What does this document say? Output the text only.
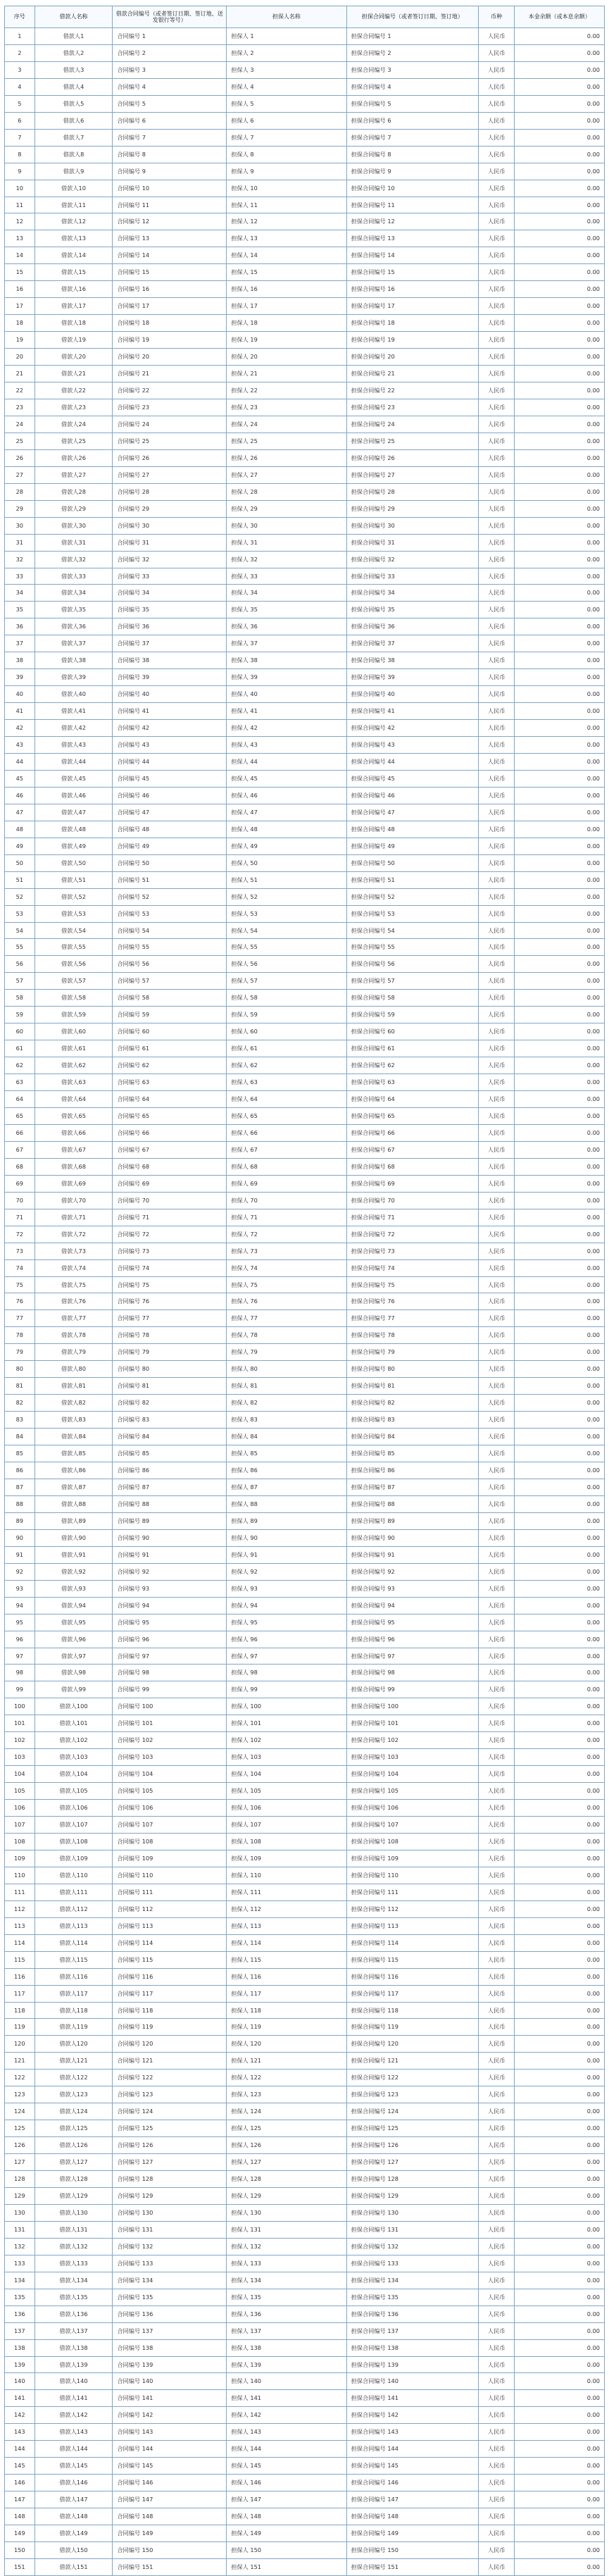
序号	借款人名称	借款合同编号（或者签订日期、签订地、送发银行等号）	担保人名称	担保合同编号（或者签订日期、签订地）	币种	本金余额（或本息余额）
1	借款人1	合同编号 1	担保人 1	担保合同编号 1	人民币	0.00
2	借款人2	合同编号 2	担保人 2	担保合同编号 2	人民币	0.00
3	借款人3	合同编号 3	担保人 3	担保合同编号 3	人民币	0.00
4	借款人4	合同编号 4	担保人 4	担保合同编号 4	人民币	0.00
5	借款人5	合同编号 5	担保人 5	担保合同编号 5	人民币	0.00
6	借款人6	合同编号 6	担保人 6	担保合同编号 6	人民币	0.00
7	借款人7	合同编号 7	担保人 7	担保合同编号 7	人民币	0.00
8	借款人8	合同编号 8	担保人 8	担保合同编号 8	人民币	0.00
9	借款人9	合同编号 9	担保人 9	担保合同编号 9	人民币	0.00
10	借款人10	合同编号 10	担保人 10	担保合同编号 10	人民币	0.00
11	借款人11	合同编号 11	担保人 11	担保合同编号 11	人民币	0.00
12	借款人12	合同编号 12	担保人 12	担保合同编号 12	人民币	0.00
13	借款人13	合同编号 13	担保人 13	担保合同编号 13	人民币	0.00
14	借款人14	合同编号 14	担保人 14	担保合同编号 14	人民币	0.00
15	借款人15	合同编号 15	担保人 15	担保合同编号 15	人民币	0.00
16	借款人16	合同编号 16	担保人 16	担保合同编号 16	人民币	0.00
17	借款人17	合同编号 17	担保人 17	担保合同编号 17	人民币	0.00
18	借款人18	合同编号 18	担保人 18	担保合同编号 18	人民币	0.00
19	借款人19	合同编号 19	担保人 19	担保合同编号 19	人民币	0.00
20	借款人20	合同编号 20	担保人 20	担保合同编号 20	人民币	0.00
21	借款人21	合同编号 21	担保人 21	担保合同编号 21	人民币	0.00
22	借款人22	合同编号 22	担保人 22	担保合同编号 22	人民币	0.00
23	借款人23	合同编号 23	担保人 23	担保合同编号 23	人民币	0.00
24	借款人24	合同编号 24	担保人 24	担保合同编号 24	人民币	0.00
25	借款人25	合同编号 25	担保人 25	担保合同编号 25	人民币	0.00
26	借款人26	合同编号 26	担保人 26	担保合同编号 26	人民币	0.00
27	借款人27	合同编号 27	担保人 27	担保合同编号 27	人民币	0.00
28	借款人28	合同编号 28	担保人 28	担保合同编号 28	人民币	0.00
29	借款人29	合同编号 29	担保人 29	担保合同编号 29	人民币	0.00
30	借款人30	合同编号 30	担保人 30	担保合同编号 30	人民币	0.00
31	借款人31	合同编号 31	担保人 31	担保合同编号 31	人民币	0.00
32	借款人32	合同编号 32	担保人 32	担保合同编号 32	人民币	0.00
33	借款人33	合同编号 33	担保人 33	担保合同编号 33	人民币	0.00
34	借款人34	合同编号 34	担保人 34	担保合同编号 34	人民币	0.00
35	借款人35	合同编号 35	担保人 35	担保合同编号 35	人民币	0.00
36	借款人36	合同编号 36	担保人 36	担保合同编号 36	人民币	0.00
37	借款人37	合同编号 37	担保人 37	担保合同编号 37	人民币	0.00
38	借款人38	合同编号 38	担保人 38	担保合同编号 38	人民币	0.00
39	借款人39	合同编号 39	担保人 39	担保合同编号 39	人民币	0.00
40	借款人40	合同编号 40	担保人 40	担保合同编号 40	人民币	0.00
41	借款人41	合同编号 41	担保人 41	担保合同编号 41	人民币	0.00
42	借款人42	合同编号 42	担保人 42	担保合同编号 42	人民币	0.00
43	借款人43	合同编号 43	担保人 43	担保合同编号 43	人民币	0.00
44	借款人44	合同编号 44	担保人 44	担保合同编号 44	人民币	0.00
45	借款人45	合同编号 45	担保人 45	担保合同编号 45	人民币	0.00
46	借款人46	合同编号 46	担保人 46	担保合同编号 46	人民币	0.00
47	借款人47	合同编号 47	担保人 47	担保合同编号 47	人民币	0.00
48	借款人48	合同编号 48	担保人 48	担保合同编号 48	人民币	0.00
49	借款人49	合同编号 49	担保人 49	担保合同编号 49	人民币	0.00
50	借款人50	合同编号 50	担保人 50	担保合同编号 50	人民币	0.00
51	借款人51	合同编号 51	担保人 51	担保合同编号 51	人民币	0.00
52	借款人52	合同编号 52	担保人 52	担保合同编号 52	人民币	0.00
53	借款人53	合同编号 53	担保人 53	担保合同编号 53	人民币	0.00
54	借款人54	合同编号 54	担保人 54	担保合同编号 54	人民币	0.00
55	借款人55	合同编号 55	担保人 55	担保合同编号 55	人民币	0.00
56	借款人56	合同编号 56	担保人 56	担保合同编号 56	人民币	0.00
57	借款人57	合同编号 57	担保人 57	担保合同编号 57	人民币	0.00
58	借款人58	合同编号 58	担保人 58	担保合同编号 58	人民币	0.00
59	借款人59	合同编号 59	担保人 59	担保合同编号 59	人民币	0.00
60	借款人60	合同编号 60	担保人 60	担保合同编号 60	人民币	0.00
61	借款人61	合同编号 61	担保人 61	担保合同编号 61	人民币	0.00
62	借款人62	合同编号 62	担保人 62	担保合同编号 62	人民币	0.00
63	借款人63	合同编号 63	担保人 63	担保合同编号 63	人民币	0.00
64	借款人64	合同编号 64	担保人 64	担保合同编号 64	人民币	0.00
65	借款人65	合同编号 65	担保人 65	担保合同编号 65	人民币	0.00
66	借款人66	合同编号 66	担保人 66	担保合同编号 66	人民币	0.00
67	借款人67	合同编号 67	担保人 67	担保合同编号 67	人民币	0.00
68	借款人68	合同编号 68	担保人 68	担保合同编号 68	人民币	0.00
69	借款人69	合同编号 69	担保人 69	担保合同编号 69	人民币	0.00
70	借款人70	合同编号 70	担保人 70	担保合同编号 70	人民币	0.00
71	借款人71	合同编号 71	担保人 71	担保合同编号 71	人民币	0.00
72	借款人72	合同编号 72	担保人 72	担保合同编号 72	人民币	0.00
73	借款人73	合同编号 73	担保人 73	担保合同编号 73	人民币	0.00
74	借款人74	合同编号 74	担保人 74	担保合同编号 74	人民币	0.00
75	借款人75	合同编号 75	担保人 75	担保合同编号 75	人民币	0.00
76	借款人76	合同编号 76	担保人 76	担保合同编号 76	人民币	0.00
77	借款人77	合同编号 77	担保人 77	担保合同编号 77	人民币	0.00
78	借款人78	合同编号 78	担保人 78	担保合同编号 78	人民币	0.00
79	借款人79	合同编号 79	担保人 79	担保合同编号 79	人民币	0.00
80	借款人80	合同编号 80	担保人 80	担保合同编号 80	人民币	0.00
81	借款人81	合同编号 81	担保人 81	担保合同编号 81	人民币	0.00
82	借款人82	合同编号 82	担保人 82	担保合同编号 82	人民币	0.00
83	借款人83	合同编号 83	担保人 83	担保合同编号 83	人民币	0.00
84	借款人84	合同编号 84	担保人 84	担保合同编号 84	人民币	0.00
85	借款人85	合同编号 85	担保人 85	担保合同编号 85	人民币	0.00
86	借款人86	合同编号 86	担保人 86	担保合同编号 86	人民币	0.00
87	借款人87	合同编号 87	担保人 87	担保合同编号 87	人民币	0.00
88	借款人88	合同编号 88	担保人 88	担保合同编号 88	人民币	0.00
89	借款人89	合同编号 89	担保人 89	担保合同编号 89	人民币	0.00
90	借款人90	合同编号 90	担保人 90	担保合同编号 90	人民币	0.00
91	借款人91	合同编号 91	担保人 91	担保合同编号 91	人民币	0.00
92	借款人92	合同编号 92	担保人 92	担保合同编号 92	人民币	0.00
93	借款人93	合同编号 93	担保人 93	担保合同编号 93	人民币	0.00
94	借款人94	合同编号 94	担保人 94	担保合同编号 94	人民币	0.00
95	借款人95	合同编号 95	担保人 95	担保合同编号 95	人民币	0.00
96	借款人96	合同编号 96	担保人 96	担保合同编号 96	人民币	0.00
97	借款人97	合同编号 97	担保人 97	担保合同编号 97	人民币	0.00
98	借款人98	合同编号 98	担保人 98	担保合同编号 98	人民币	0.00
99	借款人99	合同编号 99	担保人 99	担保合同编号 99	人民币	0.00
100	借款人100	合同编号 100	担保人 100	担保合同编号 100	人民币	0.00
101	借款人101	合同编号 101	担保人 101	担保合同编号 101	人民币	0.00
102	借款人102	合同编号 102	担保人 102	担保合同编号 102	人民币	0.00
103	借款人103	合同编号 103	担保人 103	担保合同编号 103	人民币	0.00
104	借款人104	合同编号 104	担保人 104	担保合同编号 104	人民币	0.00
105	借款人105	合同编号 105	担保人 105	担保合同编号 105	人民币	0.00
106	借款人106	合同编号 106	担保人 106	担保合同编号 106	人民币	0.00
107	借款人107	合同编号 107	担保人 107	担保合同编号 107	人民币	0.00
108	借款人108	合同编号 108	担保人 108	担保合同编号 108	人民币	0.00
109	借款人109	合同编号 109	担保人 109	担保合同编号 109	人民币	0.00
110	借款人110	合同编号 110	担保人 110	担保合同编号 110	人民币	0.00
111	借款人111	合同编号 111	担保人 111	担保合同编号 111	人民币	0.00
112	借款人112	合同编号 112	担保人 112	担保合同编号 112	人民币	0.00
113	借款人113	合同编号 113	担保人 113	担保合同编号 113	人民币	0.00
114	借款人114	合同编号 114	担保人 114	担保合同编号 114	人民币	0.00
115	借款人115	合同编号 115	担保人 115	担保合同编号 115	人民币	0.00
116	借款人116	合同编号 116	担保人 116	担保合同编号 116	人民币	0.00
117	借款人117	合同编号 117	担保人 117	担保合同编号 117	人民币	0.00
118	借款人118	合同编号 118	担保人 118	担保合同编号 118	人民币	0.00
119	借款人119	合同编号 119	担保人 119	担保合同编号 119	人民币	0.00
120	借款人120	合同编号 120	担保人 120	担保合同编号 120	人民币	0.00
121	借款人121	合同编号 121	担保人 121	担保合同编号 121	人民币	0.00
122	借款人122	合同编号 122	担保人 122	担保合同编号 122	人民币	0.00
123	借款人123	合同编号 123	担保人 123	担保合同编号 123	人民币	0.00
124	借款人124	合同编号 124	担保人 124	担保合同编号 124	人民币	0.00
125	借款人125	合同编号 125	担保人 125	担保合同编号 125	人民币	0.00
126	借款人126	合同编号 126	担保人 126	担保合同编号 126	人民币	0.00
127	借款人127	合同编号 127	担保人 127	担保合同编号 127	人民币	0.00
128	借款人128	合同编号 128	担保人 128	担保合同编号 128	人民币	0.00
129	借款人129	合同编号 129	担保人 129	担保合同编号 129	人民币	0.00
130	借款人130	合同编号 130	担保人 130	担保合同编号 130	人民币	0.00
131	借款人131	合同编号 131	担保人 131	担保合同编号 131	人民币	0.00
132	借款人132	合同编号 132	担保人 132	担保合同编号 132	人民币	0.00
133	借款人133	合同编号 133	担保人 133	担保合同编号 133	人民币	0.00
134	借款人134	合同编号 134	担保人 134	担保合同编号 134	人民币	0.00
135	借款人135	合同编号 135	担保人 135	担保合同编号 135	人民币	0.00
136	借款人136	合同编号 136	担保人 136	担保合同编号 136	人民币	0.00
137	借款人137	合同编号 137	担保人 137	担保合同编号 137	人民币	0.00
138	借款人138	合同编号 138	担保人 138	担保合同编号 138	人民币	0.00
139	借款人139	合同编号 139	担保人 139	担保合同编号 139	人民币	0.00
140	借款人140	合同编号 140	担保人 140	担保合同编号 140	人民币	0.00
141	借款人141	合同编号 141	担保人 141	担保合同编号 141	人民币	0.00
142	借款人142	合同编号 142	担保人 142	担保合同编号 142	人民币	0.00
143	借款人143	合同编号 143	担保人 143	担保合同编号 143	人民币	0.00
144	借款人144	合同编号 144	担保人 144	担保合同编号 144	人民币	0.00
145	借款人145	合同编号 145	担保人 145	担保合同编号 145	人民币	0.00
146	借款人146	合同编号 146	担保人 146	担保合同编号 146	人民币	0.00
147	借款人147	合同编号 147	担保人 147	担保合同编号 147	人民币	0.00
148	借款人148	合同编号 148	担保人 148	担保合同编号 148	人民币	0.00
149	借款人149	合同编号 149	担保人 149	担保合同编号 149	人民币	0.00
150	借款人150	合同编号 150	担保人 150	担保合同编号 150	人民币	0.00
151	借款人151	合同编号 151	担保人 151	担保合同编号 151	人民币	0.00
